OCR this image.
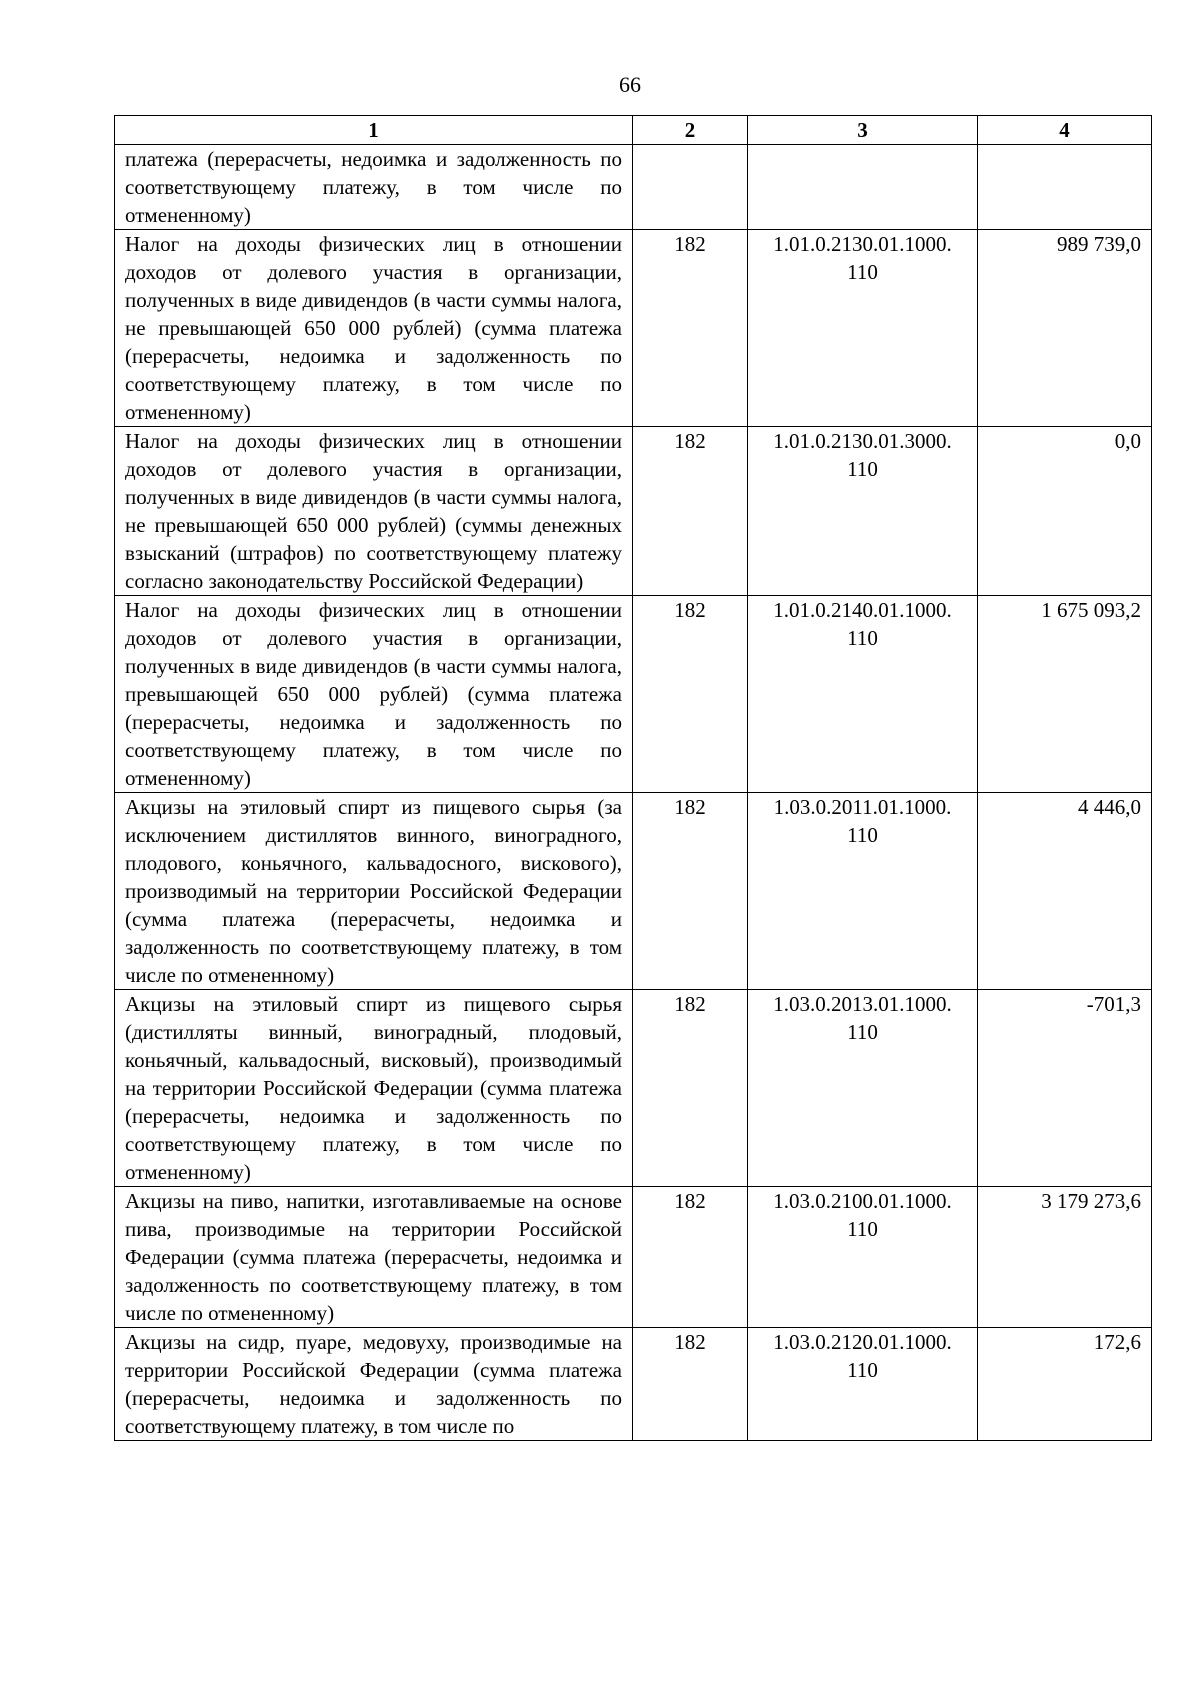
66
1	2	3	4
платежа (перерасчеты, недоимка и задолженность по соответствующему платежу, в том числе по отмененному)			
Налог на доходы физических лиц в отношении доходов от долевого участия в организации, полученных в виде дивидендов (в части суммы налога, не превышающей 650 000 рублей) (сумма платежа (перерасчеты, недоимка и задолженность по соответствующему платежу, в том числе по отмененному)	182	1.01.0.2130.01.1000. 110	989 739,0
Налог на доходы физических лиц в отношении доходов от долевого участия в организации, полученных в виде дивидендов (в части суммы налога, не превышающей 650 000 рублей) (суммы денежных взысканий (штрафов) по соответствующему платежу согласно законодательству Российской Федерации)	182	1.01.0.2130.01.3000. 110	0,0
Налог на доходы физических лиц в отношении доходов от долевого участия в организации, полученных в виде дивидендов (в части суммы налога, превышающей 650 000 рублей) (сумма платежа (перерасчеты, недоимка и задолженность по соответствующему платежу, в том числе по отмененному)	182	1.01.0.2140.01.1000. 110	1 675 093,2
Акцизы на этиловый спирт из пищевого сырья (за исключением дистиллятов винного, виноградного, плодового, коньячного, кальвадосного, вискового), производимый на территории Российской Федерации (сумма платежа (перерасчеты, недоимка и задолженность по соответствующему платежу, в том числе по отмененному)	182	1.03.0.2011.01.1000. 110	4 446,0
Акцизы на этиловый спирт из пищевого сырья (дистилляты винный, виноградный, плодовый, коньячный, кальвадосный, висковый), производимый на территории Российской Федерации (сумма платежа (перерасчеты, недоимка и задолженность по соответствующему платежу, в том числе по отмененному)	182	1.03.0.2013.01.1000. 110	-701,3
Акцизы на пиво, напитки, изготавливаемые на основе пива, производимые на территории Российской Федерации (сумма платежа (перерасчеты, недоимка и задолженность по соответствующему платежу, в том числе по отмененному)	182	1.03.0.2100.01.1000. 110	3 179 273,6
Акцизы на сидр, пуаре, медовуху, производимые на территории Российской Федерации (сумма платежа (перерасчеты, недоимка и задолженность по соответствующему платежу, в том числе по	182	1.03.0.2120.01.1000. 110	172,6
